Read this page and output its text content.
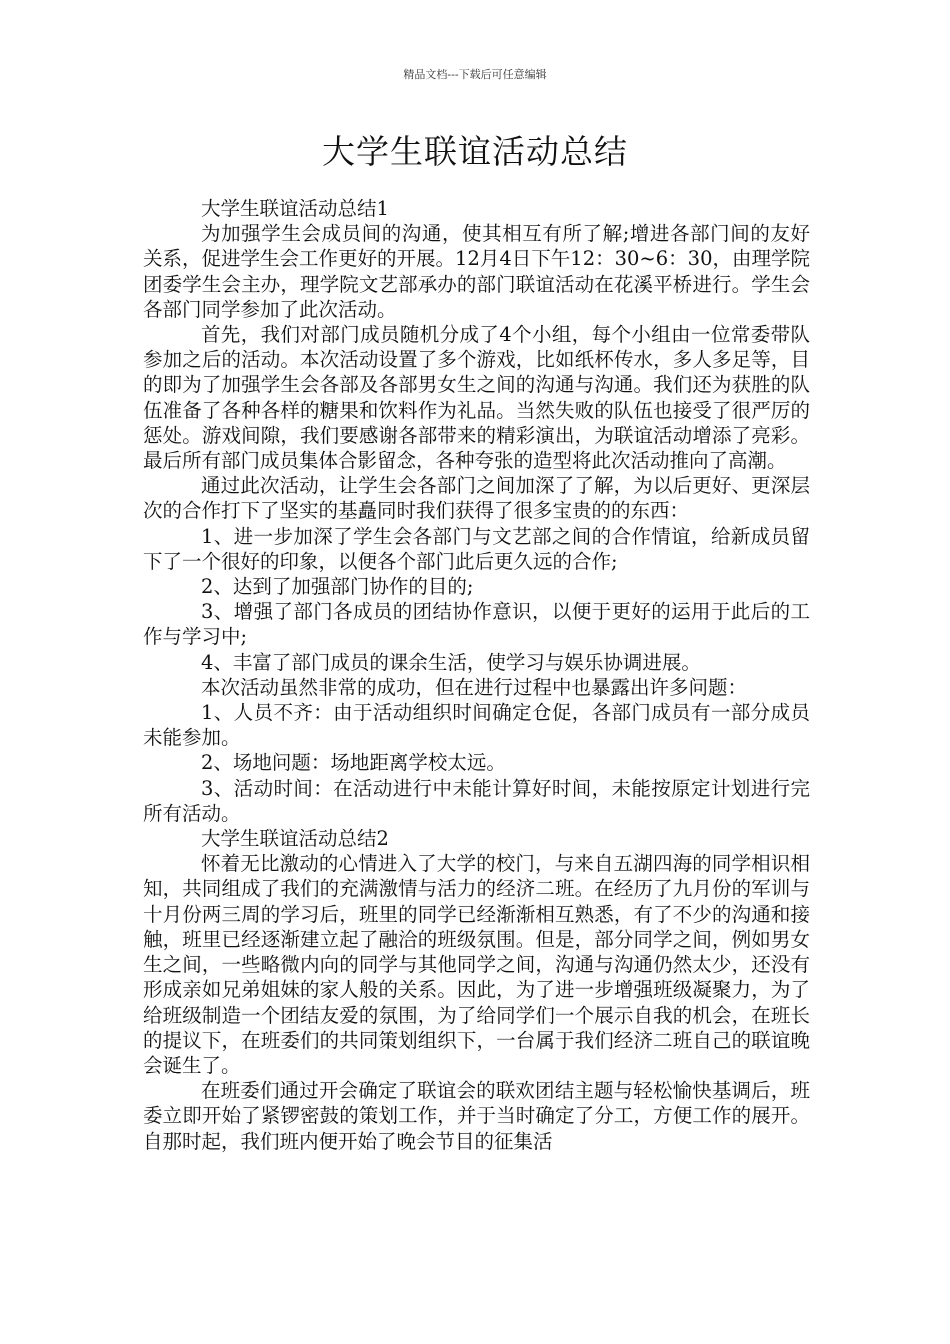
精品文档---下载后可任意编辑
大学生联谊活动总结

大学生联谊活动总结1

为加强学生会成员间的沟通，使其相互有所了解;增进各部门间的友好关系，促进学生会工作更好的开展。12月4日下午12：30~6：30，由理学院团委学生会主办，理学院文艺部承办的部门联谊活动在花溪平桥进行。学生会各部门同学参加了此次活动。

首先，我们对部门成员随机分成了4个小组，每个小组由一位常委带队参加之后的活动。本次活动设置了多个游戏，比如纸杯传水，多人多足等，目的即为了加强学生会各部及各部男女生之间的沟通与沟通。我们还为获胜的队伍准备了各种各样的糖果和饮料作为礼品。当然失败的队伍也接受了很严厉的惩处。游戏间隙，我们要感谢各部带来的精彩演出，为联谊活动增添了亮彩。最后所有部门成员集体合影留念，各种夸张的造型将此次活动推向了高潮。

通过此次活动，让学生会各部门之间加深了了解，为以后更好、更深层次的合作打下了坚实的基矗同时我们获得了很多宝贵的的东西：

1、进一步加深了学生会各部门与文艺部之间的合作情谊，给新成员留下了一个很好的印象，以便各个部门此后更久远的合作;

2、达到了加强部门协作的目的;

3、增强了部门各成员的团结协作意识，以便于更好的运用于此后的工作与学习中;

4、丰富了部门成员的课余生活，使学习与娱乐协调进展。

本次活动虽然非常的成功，但在进行过程中也暴露出许多问题：

1、人员不齐：由于活动组织时间确定仓促，各部门成员有一部分成员未能参加。

2、场地问题：场地距离学校太远。

3、活动时间：在活动进行中未能计算好时间，未能按原定计划进行完所有活动。

大学生联谊活动总结2

怀着无比激动的心情进入了大学的校门，与来自五湖四海的同学相识相知，共同组成了我们的充满激情与活力的经济二班。在经历了九月份的军训与十月份两三周的学习后，班里的同学已经渐渐相互熟悉，有了不少的沟通和接触，班里已经逐渐建立起了融洽的班级氛围。但是，部分同学之间，例如男女生之间，一些略微内向的同学与其他同学之间，沟通与沟通仍然太少，还没有形成亲如兄弟姐妹的家人般的关系。因此，为了进一步增强班级凝聚力，为了给班级制造一个团结友爱的氛围，为了给同学们一个展示自我的机会，在班长的提议下，在班委们的共同策划组织下，一台属于我们经济二班自己的联谊晚会诞生了。

在班委们通过开会确定了联谊会的联欢团结主题与轻松愉快基调后，班委立即开始了紧锣密鼓的策划工作，并于当时确定了分工，方便工作的展开。自那时起，我们班内便开始了晚会节目的征集活
